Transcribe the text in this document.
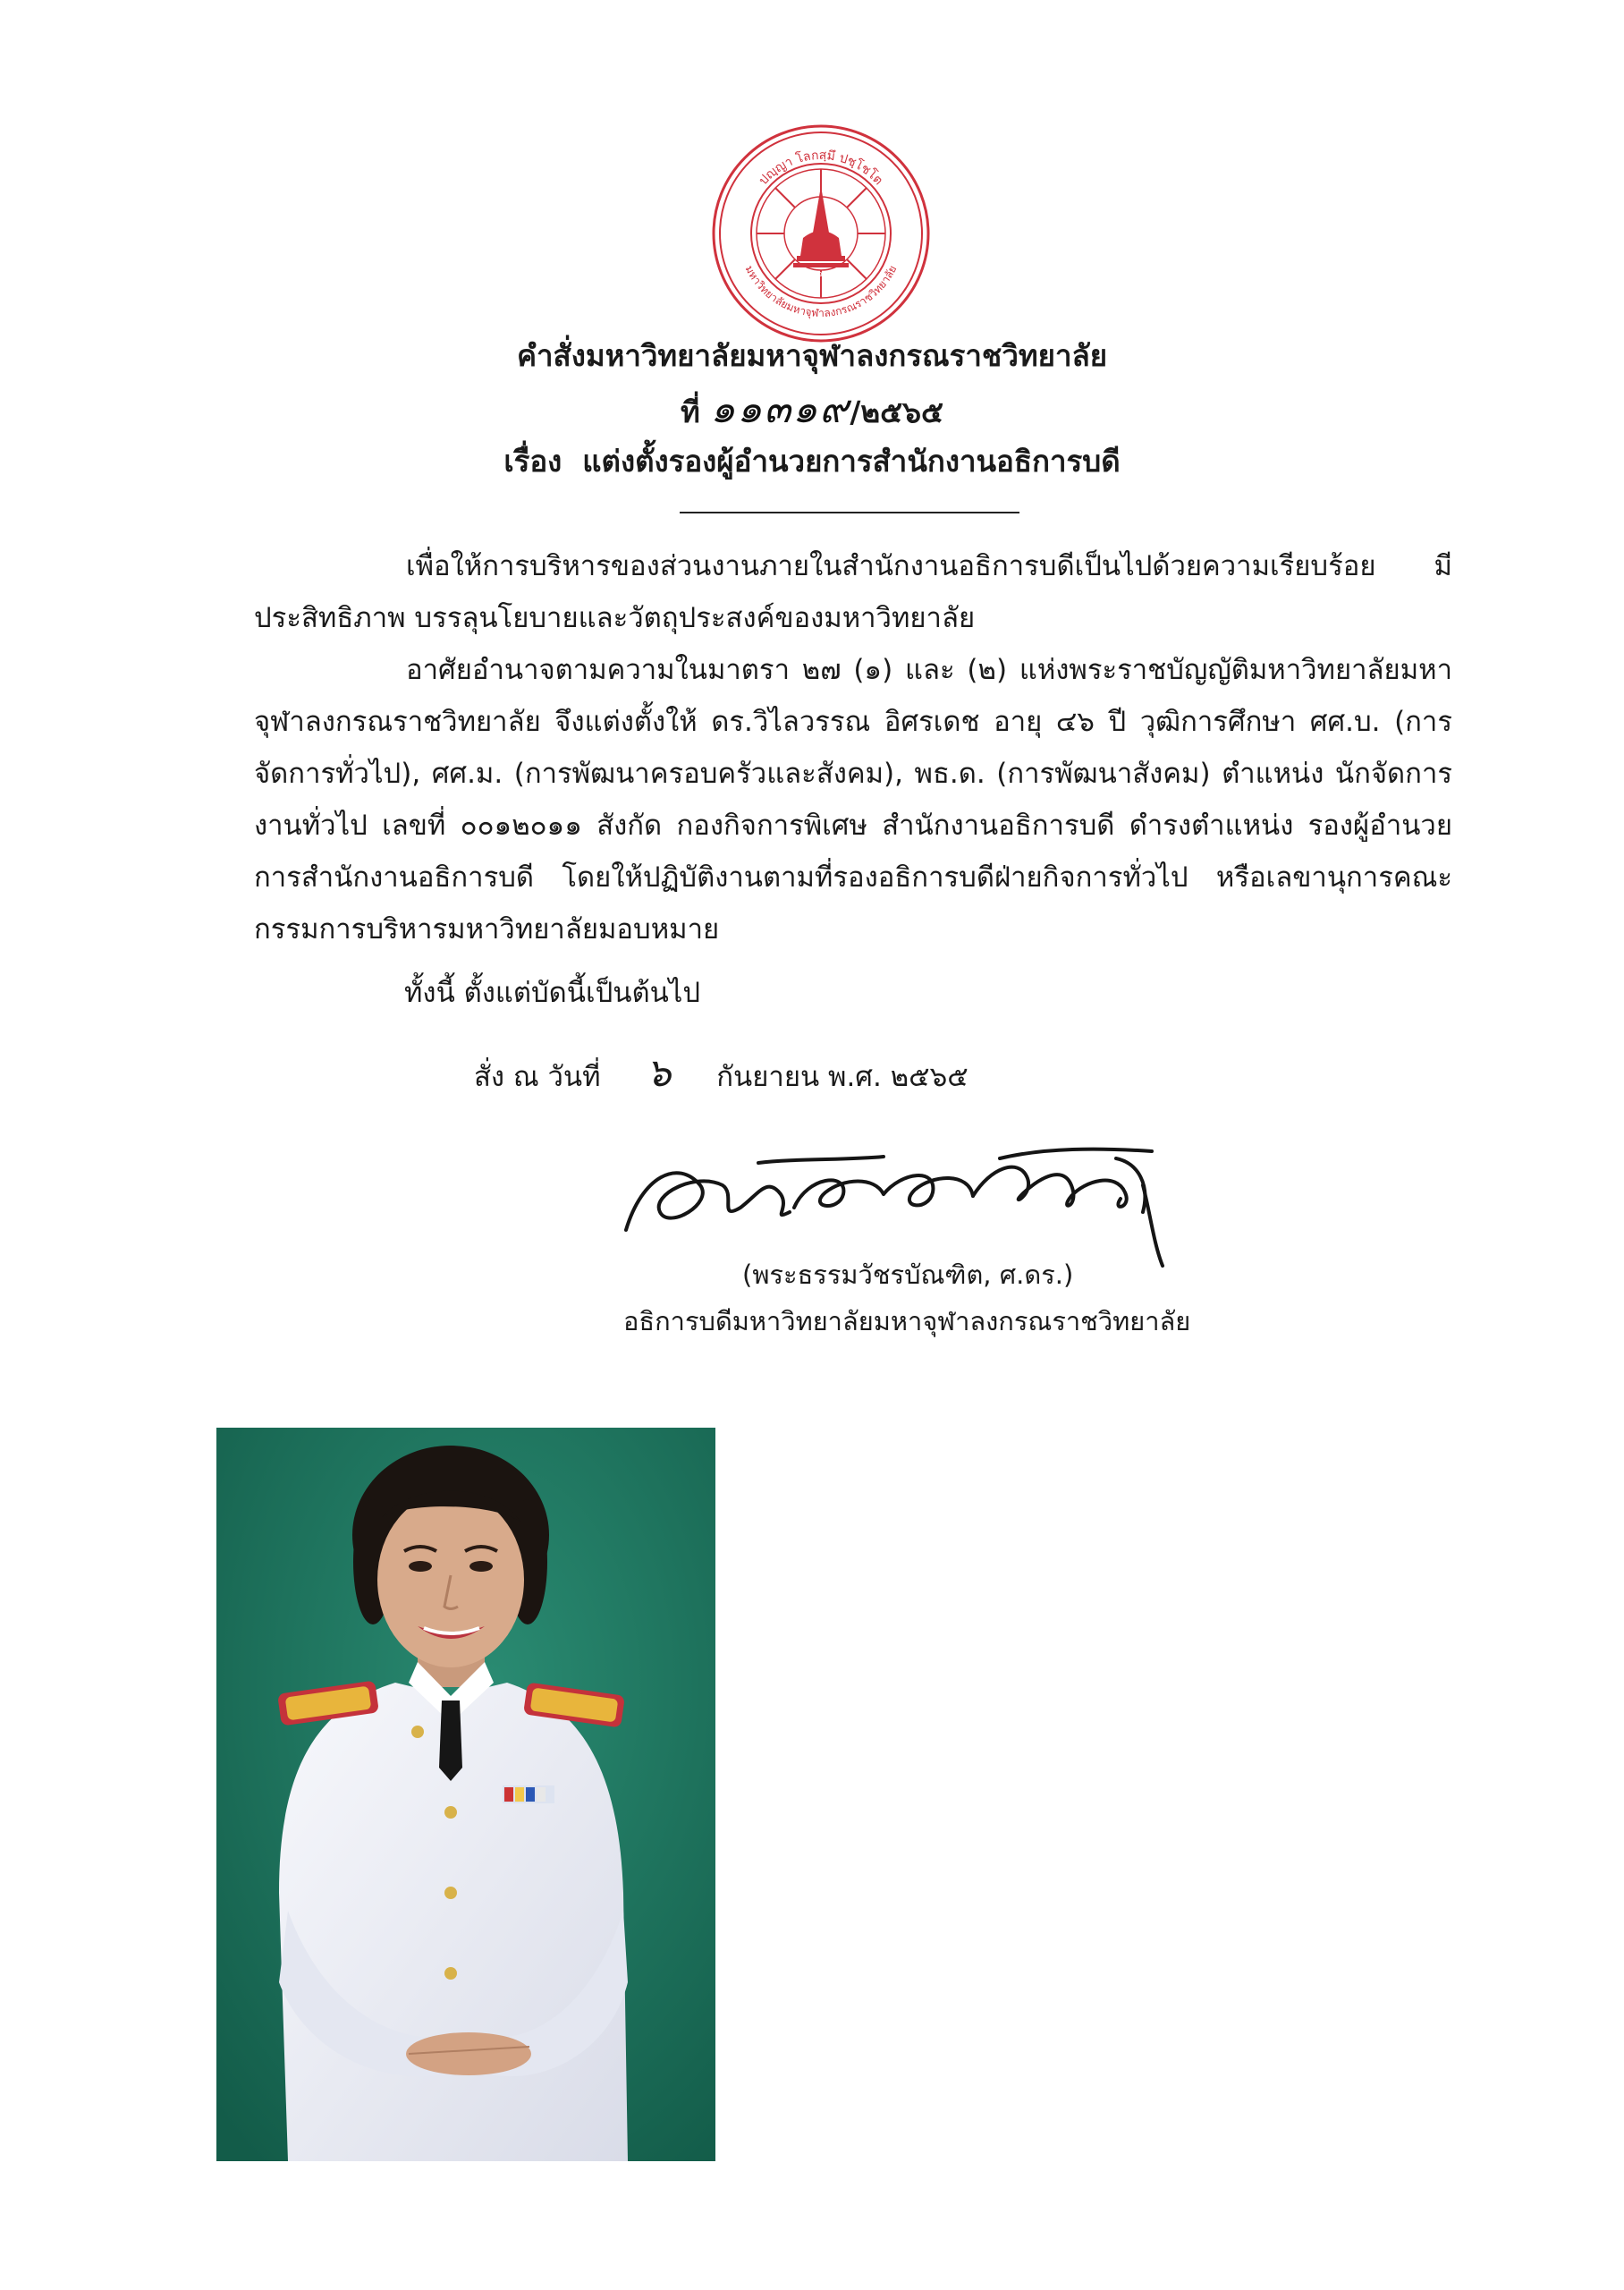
ปญฺญา โลกสฺมึ ปชฺโชโต
มหาวิทยาลัยมหาจุฬาลงกรณราชวิทยาลัย
ม.จ.ร.
คำสั่งมหาวิทยาลัยมหาจุฬาลงกรณราชวิทยาลัย
ที่ ๑๑๓๑๙/๒๕๖๕
เรื่อง แต่งตั้งรองผู้อำนวยการสำนักงานอธิการบดี
เพื่อให้การบริหารของส่วนงานภายในสำนักงานอธิการบดีเป็นไปด้วยความเรียบร้อย มีประสิทธิภาพ บรรลุนโยบายและวัตถุประสงค์ของมหาวิทยาลัย
อาศัยอำนาจตามความในมาตรา ๒๗ (๑) และ (๒) แห่งพระราชบัญญัติมหาวิทยาลัยมหาจุฬาลงกรณราชวิทยาลัย จึงแต่งตั้งให้ ดร.วิไลวรรณ อิศรเดช อายุ ๔๖ ปี วุฒิการศึกษา ศศ.บ. (การจัดการทั่วไป), ศศ.ม. (การพัฒนาครอบครัวและสังคม), พธ.ด. (การพัฒนาสังคม) ตำแหน่ง นักจัดการงานทั่วไป เลขที่ ๐๐๑๒๐๑๑ สังกัด กองกิจการพิเศษ สำนักงานอธิการบดี ดำรงตำแหน่ง รองผู้อำนวยการสำนักงานอธิการบดี โดยให้ปฏิบัติงานตามที่รองอธิการบดีฝ่ายกิจการทั่วไป หรือเลขานุการคณะกรรมการบริหารมหาวิทยาลัยมอบหมาย
ทั้งนี้ ตั้งแต่บัดนี้เป็นต้นไป
สั่ง ณ วันที่ ๖ กันยายน พ.ศ. ๒๕๖๕
(พระธรรมวัชรบัณฑิต, ศ.ดร.)
อธิการบดีมหาวิทยาลัยมหาจุฬาลงกรณราชวิทยาลัย
